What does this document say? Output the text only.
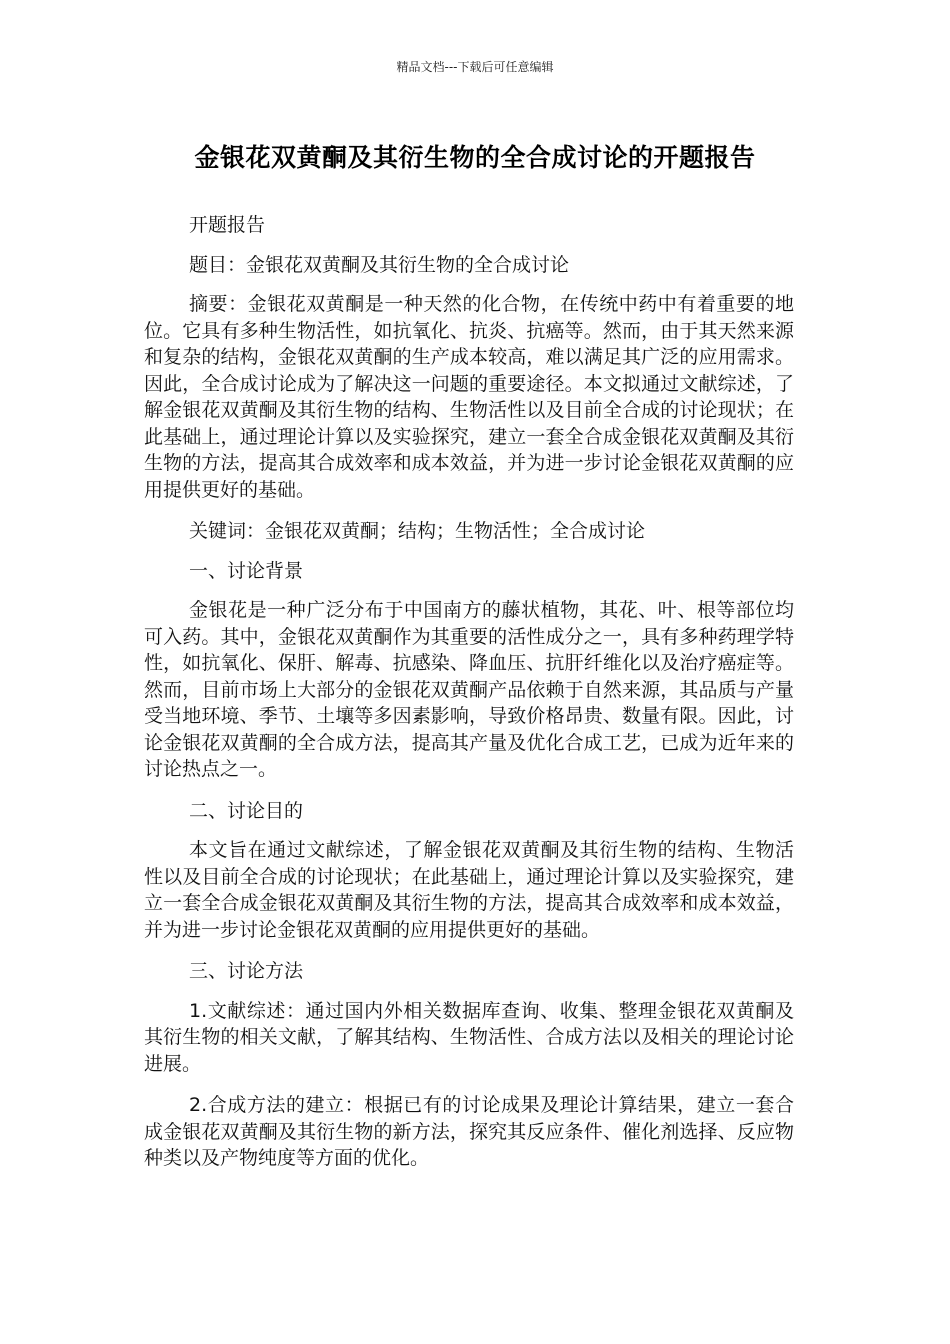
精品文档---下载后可任意编辑
金银花双黄酮及其衍生物的全合成讨论的开题报告

开题报告

题目：金银花双黄酮及其衍生物的全合成讨论

摘要：金银花双黄酮是一种天然的化合物，在传统中药中有着重要的地位。它具有多种生物活性，如抗氧化、抗炎、抗癌等。然而，由于其天然来源和复杂的结构，金银花双黄酮的生产成本较高，难以满足其广泛的应用需求。因此，全合成讨论成为了解决这一问题的重要途径。本文拟通过文献综述，了解金银花双黄酮及其衍生物的结构、生物活性以及目前全合成的讨论现状；在此基础上，通过理论计算以及实验探究，建立一套全合成金银花双黄酮及其衍生物的方法，提高其合成效率和成本效益，并为进一步讨论金银花双黄酮的应用提供更好的基础。

关键词：金银花双黄酮；结构；生物活性；全合成讨论

一、讨论背景

金银花是一种广泛分布于中国南方的藤状植物，其花、叶、根等部位均可入药。其中，金银花双黄酮作为其重要的活性成分之一，具有多种药理学特性，如抗氧化、保肝、解毒、抗感染、降血压、抗肝纤维化以及治疗癌症等。然而，目前市场上大部分的金银花双黄酮产品依赖于自然来源，其品质与产量受当地环境、季节、土壤等多因素影响，导致价格昂贵、数量有限。因此，讨论金银花双黄酮的全合成方法，提高其产量及优化合成工艺，已成为近年来的讨论热点之一。

二、讨论目的

本文旨在通过文献综述，了解金银花双黄酮及其衍生物的结构、生物活性以及目前全合成的讨论现状；在此基础上，通过理论计算以及实验探究，建立一套全合成金银花双黄酮及其衍生物的方法，提高其合成效率和成本效益，并为进一步讨论金银花双黄酮的应用提供更好的基础。

三、讨论方法

1.文献综述：通过国内外相关数据库查询、收集、整理金银花双黄酮及其衍生物的相关文献，了解其结构、生物活性、合成方法以及相关的理论讨论进展。

2.合成方法的建立：根据已有的讨论成果及理论计算结果，建立一套合成金银花双黄酮及其衍生物的新方法，探究其反应条件、催化剂选择、反应物种类以及产物纯度等方面的优化。
